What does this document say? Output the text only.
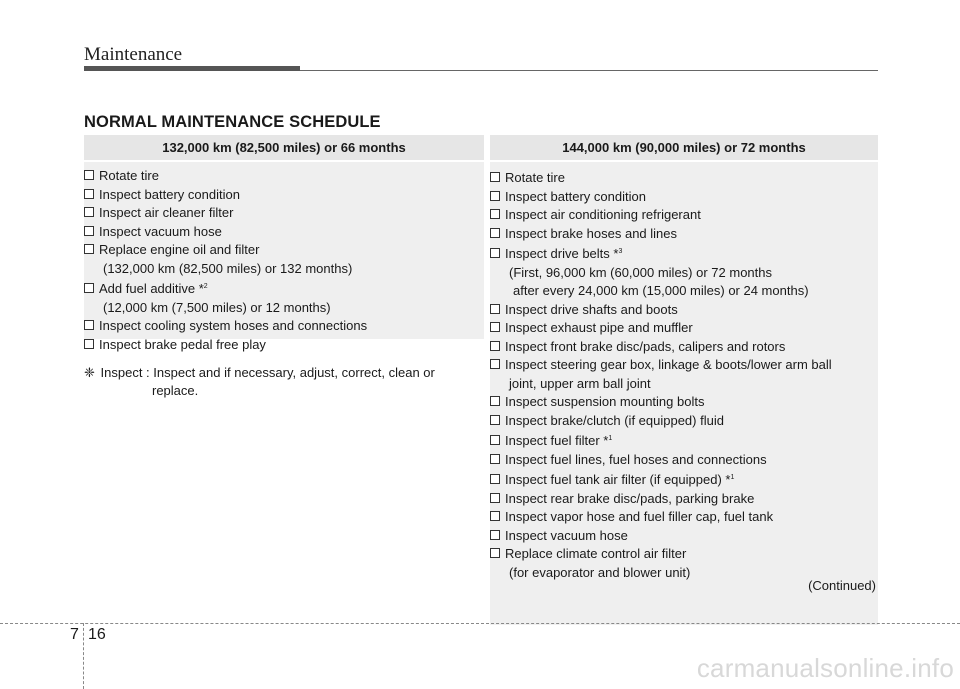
Maintenance
NORMAL MAINTENANCE SCHEDULE
132,000 km (82,500 miles) or 66 months
Rotate tire
Inspect battery condition
Inspect air cleaner filter
Inspect vacuum hose
Replace engine oil and filter
(132,000 km (82,500 miles) or 132 months)
Add fuel additive *$^2$
(12,000 km (7,500 miles) or 12 months)
Inspect cooling system hoses and connections
Inspect brake pedal free play
❈ Inspect : Inspect and if necessary, adjust, correct, clean or
replace.
144,000 km (90,000 miles) or 72 months
Rotate tire
Inspect battery condition
Inspect air conditioning refrigerant
Inspect brake hoses and lines
Inspect drive belts *$^3$
(First, 96,000 km (60,000 miles) or 72 months
after every 24,000 km (15,000 miles) or 24 months)
Inspect drive shafts and boots
Inspect exhaust pipe and muffler
Inspect front brake disc/pads, calipers and rotors
Inspect steering gear box, linkage & boots/lower arm ball
joint, upper arm ball joint
Inspect suspension mounting bolts
Inspect brake/clutch (if equipped) fluid
Inspect fuel filter *$^1$
Inspect fuel lines, fuel hoses and connections
Inspect fuel tank air filter (if equipped) *$^1$
Inspect rear brake disc/pads, parking brake
Inspect vapor hose and fuel filler cap, fuel tank
Inspect vacuum hose
Replace climate control air filter
(for evaporator and blower unit)
(Continued)
7 16
carmanualsonline.info
